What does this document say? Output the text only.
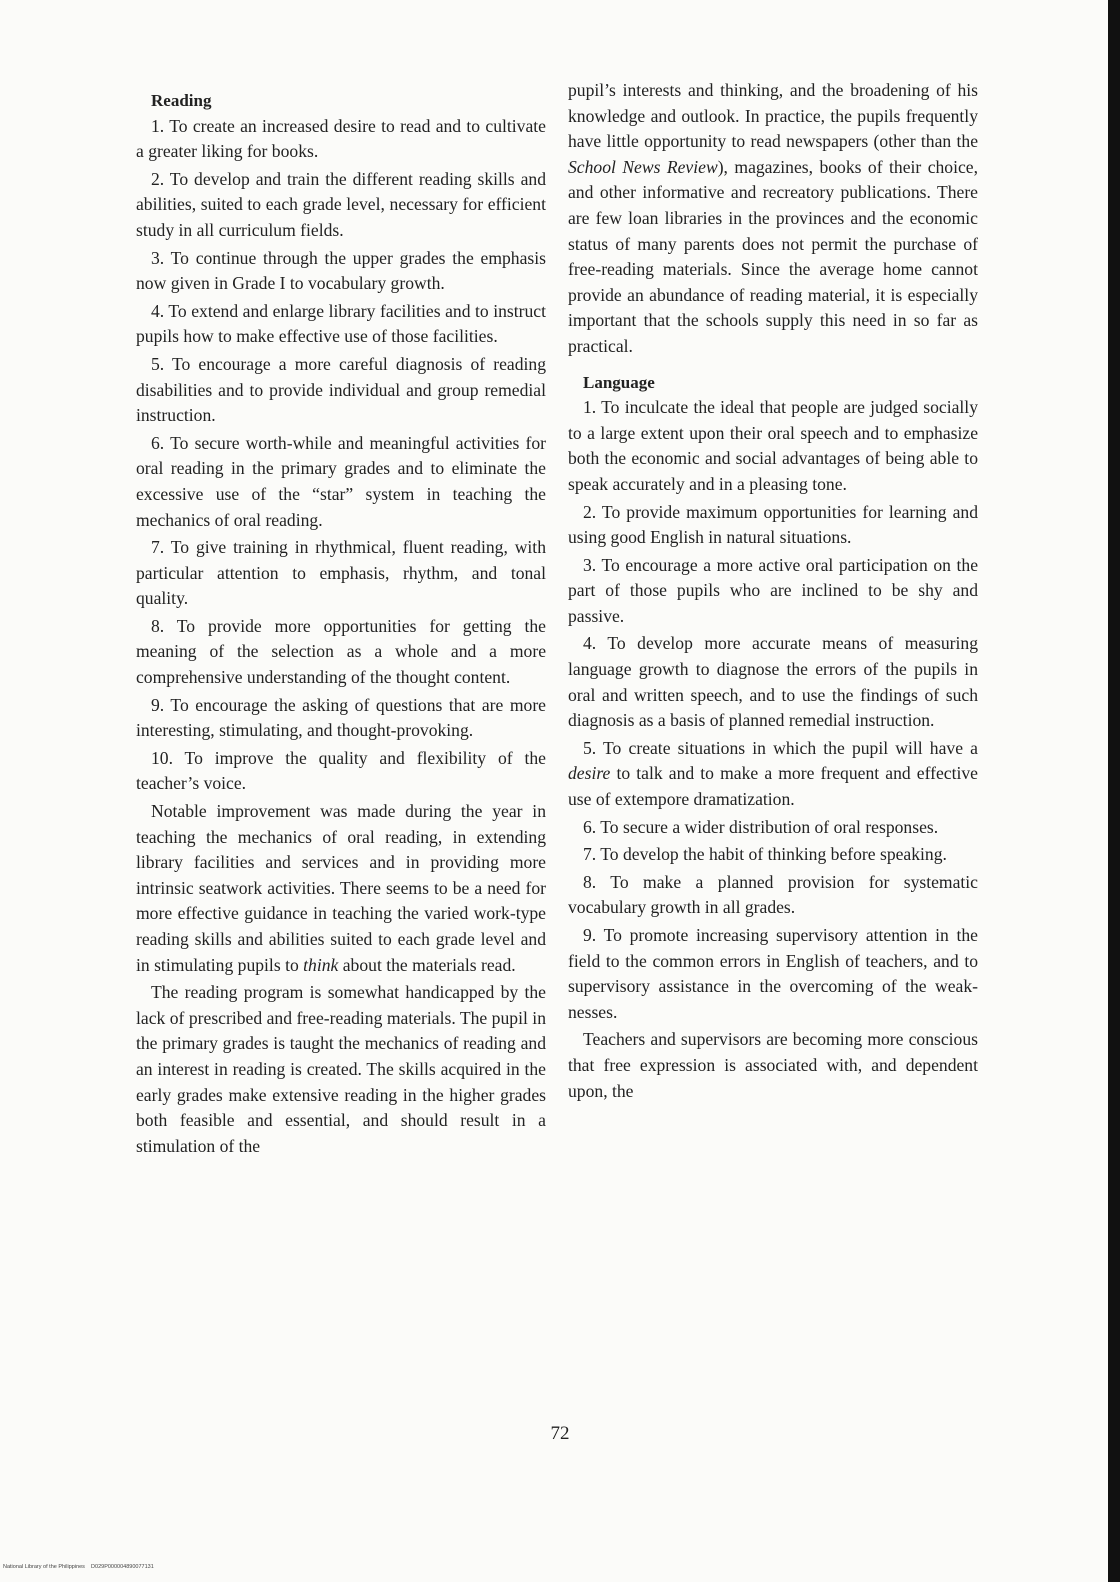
Reading

1. To create an increased desire to read and to cultivate a greater liking for books.

2. To develop and train the different reading skills and abilities, suited to each grade level, necessary for efficient study in all curriculum fields.

3. To continue through the upper grades the emphasis now given in Grade I to vocabulary growth.

4. To extend and enlarge library facilities and to instruct pupils how to make effective use of those facilities.

5. To encourage a more careful diagnosis of reading disabilities and to provide individual and group remedial instruction.

6. To secure worth-while and meaningful activities for oral reading in the primary grades and to eliminate the excessive use of the “star” system in teaching the mechanics of oral reading.

7. To give training in rhythmical, fluent reading, with particular attention to emphasis, rhythm, and tonal quality.

8. To provide more opportunities for getting the meaning of the selection as a whole and a more comprehensive understanding of the thought content.

9. To encourage the asking of questions that are more interesting, stimulating, and thought-provoking.

10. To improve the quality and flexibility of the teacher’s voice.

Notable improvement was made during the year in teaching the mechanics of oral reading, in extending library facilities and services and in providing more intrinsic seatwork activities. There seems to be a need for more effective guidance in teaching the varied work-type reading skills and abilities suited to each grade level and in stimulating pupils to think about the materials read.

The reading program is somewhat handicapped by the lack of prescribed and free-reading materials. The pupil in the primary grades is taught the mechanics of reading and an interest in reading is created. The skills acquired in the early grades make extensive reading in the higher grades both feasible and essential, and should result in a stimulation of the

pupil’s interests and thinking, and the broadening of his knowledge and outlook. In practice, the pupils frequently have little opportunity to read newspapers (other than the School News Review), magazines, books of their choice, and other informative and recreatory publications. There are few loan libraries in the provinces and the economic status of many parents does not permit the purchase of free-reading materials. Since the average home cannot provide an abundance of reading material, it is especially important that the schools supply this need in so far as practical.

Language

1. To inculcate the ideal that people are judged socially to a large extent upon their oral speech and to emphasize both the economic and social advantages of being able to speak accurately and in a pleasing tone.

2. To provide maximum opportunities for learning and using good English in natural situations.

3. To encourage a more active oral participation on the part of those pupils who are inclined to be shy and passive.

4. To develop more accurate means of measuring language growth to diagnose the errors of the pupils in oral and written speech, and to use the findings of such diagnosis as a basis of planned remedial instruction.

5. To create situations in which the pupil will have a desire to talk and to make a more frequent and effective use of extempore dramatization.

6. To secure a wider distribution of oral responses.

7. To develop the habit of thinking before speaking.

8. To make a planned provision for systematic vocabulary growth in all grades.

9. To promote increasing supervisory attention in the field to the common errors in English of teachers, and to supervisory assistance in the overcoming of the weaknesses.

Teachers and supervisors are becoming more conscious that free expression is associated with, and dependent upon, the

72
National Library of the Philippines    D029P000004890077131
